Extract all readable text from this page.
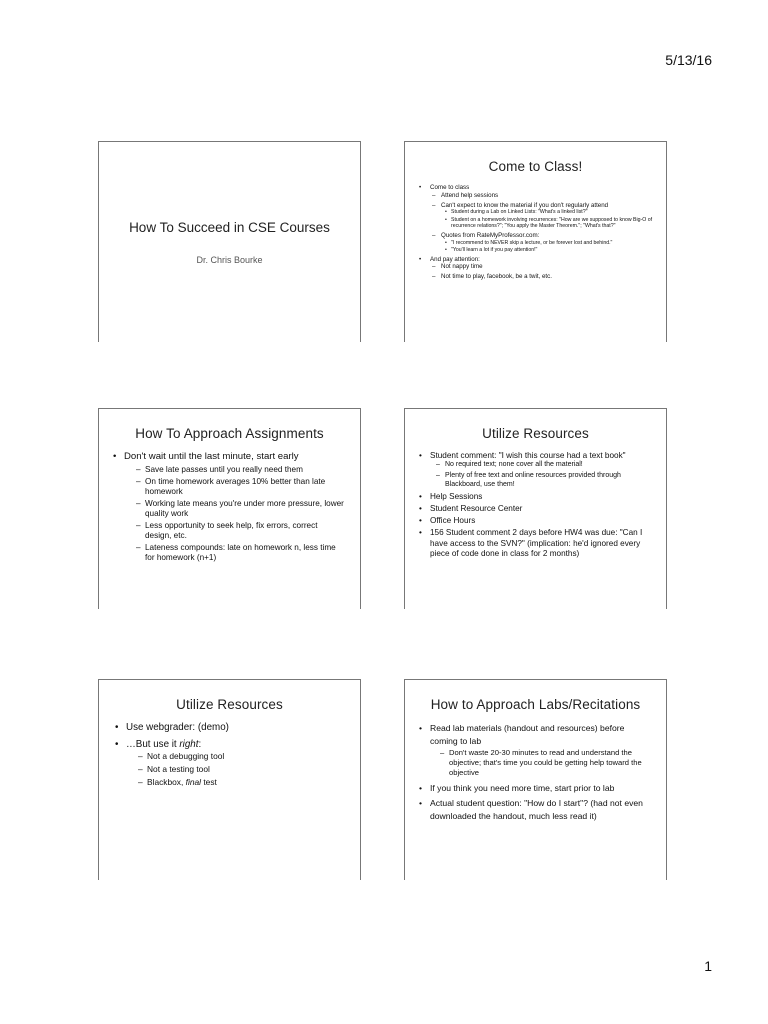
5/13/16
How To Succeed in CSE Courses
Dr. Chris Bourke
Come to Class!
• Come to class
– Attend help sessions
– Can't expect to know the material if you don't regularly attend
• Student during a Lab on Linked Lists: "What's a linked list?"
• Student on a homework involving recurrences: "How are we supposed to know Big-O of recurrence relations?"; "You apply the Master Theorem."; "What's that?"
– Quotes from RateMyProfessor.com:
• "I recommend to NEVER skip a lecture, or be forever lost and behind."
• "You'll learn a lot if you pay attention!"
• And pay attention:
– Not nappy time
– Not time to play, facebook, be a twit, etc.
How To Approach Assignments
• Don't wait until the last minute, start early
– Save late passes until you really need them
– On time homework averages 10% better than late homework
– Working late means you're under more pressure, lower quality work
– Less opportunity to seek help, fix errors, correct design, etc.
– Lateness compounds: late on homework n, less time for homework (n+1)
Utilize Resources
• Student comment: "I wish this course had a text book"
– No required text; none cover all the material!
– Plenty of free text and online resources provided through Blackboard, use them!
• Help Sessions
• Student Resource Center
• Office Hours
• 156 Student comment 2 days before HW4 was due: "Can I have access to the SVN?" (implication: he'd ignored every piece of code done in class for 2 months)
Utilize Resources
• Use webgrader: (demo)
• …But use it right:
– Not a debugging tool
– Not a testing tool
– Blackbox, final test
How to Approach Labs/Recitations
• Read lab materials (handout and resources) before coming to lab
– Don't waste 20-30 minutes to read and understand the objective; that's time you could be getting help toward the objective
• If you think you need more time, start prior to lab
• Actual student question: "How do I start"? (had not even downloaded the handout, much less read it)
1
